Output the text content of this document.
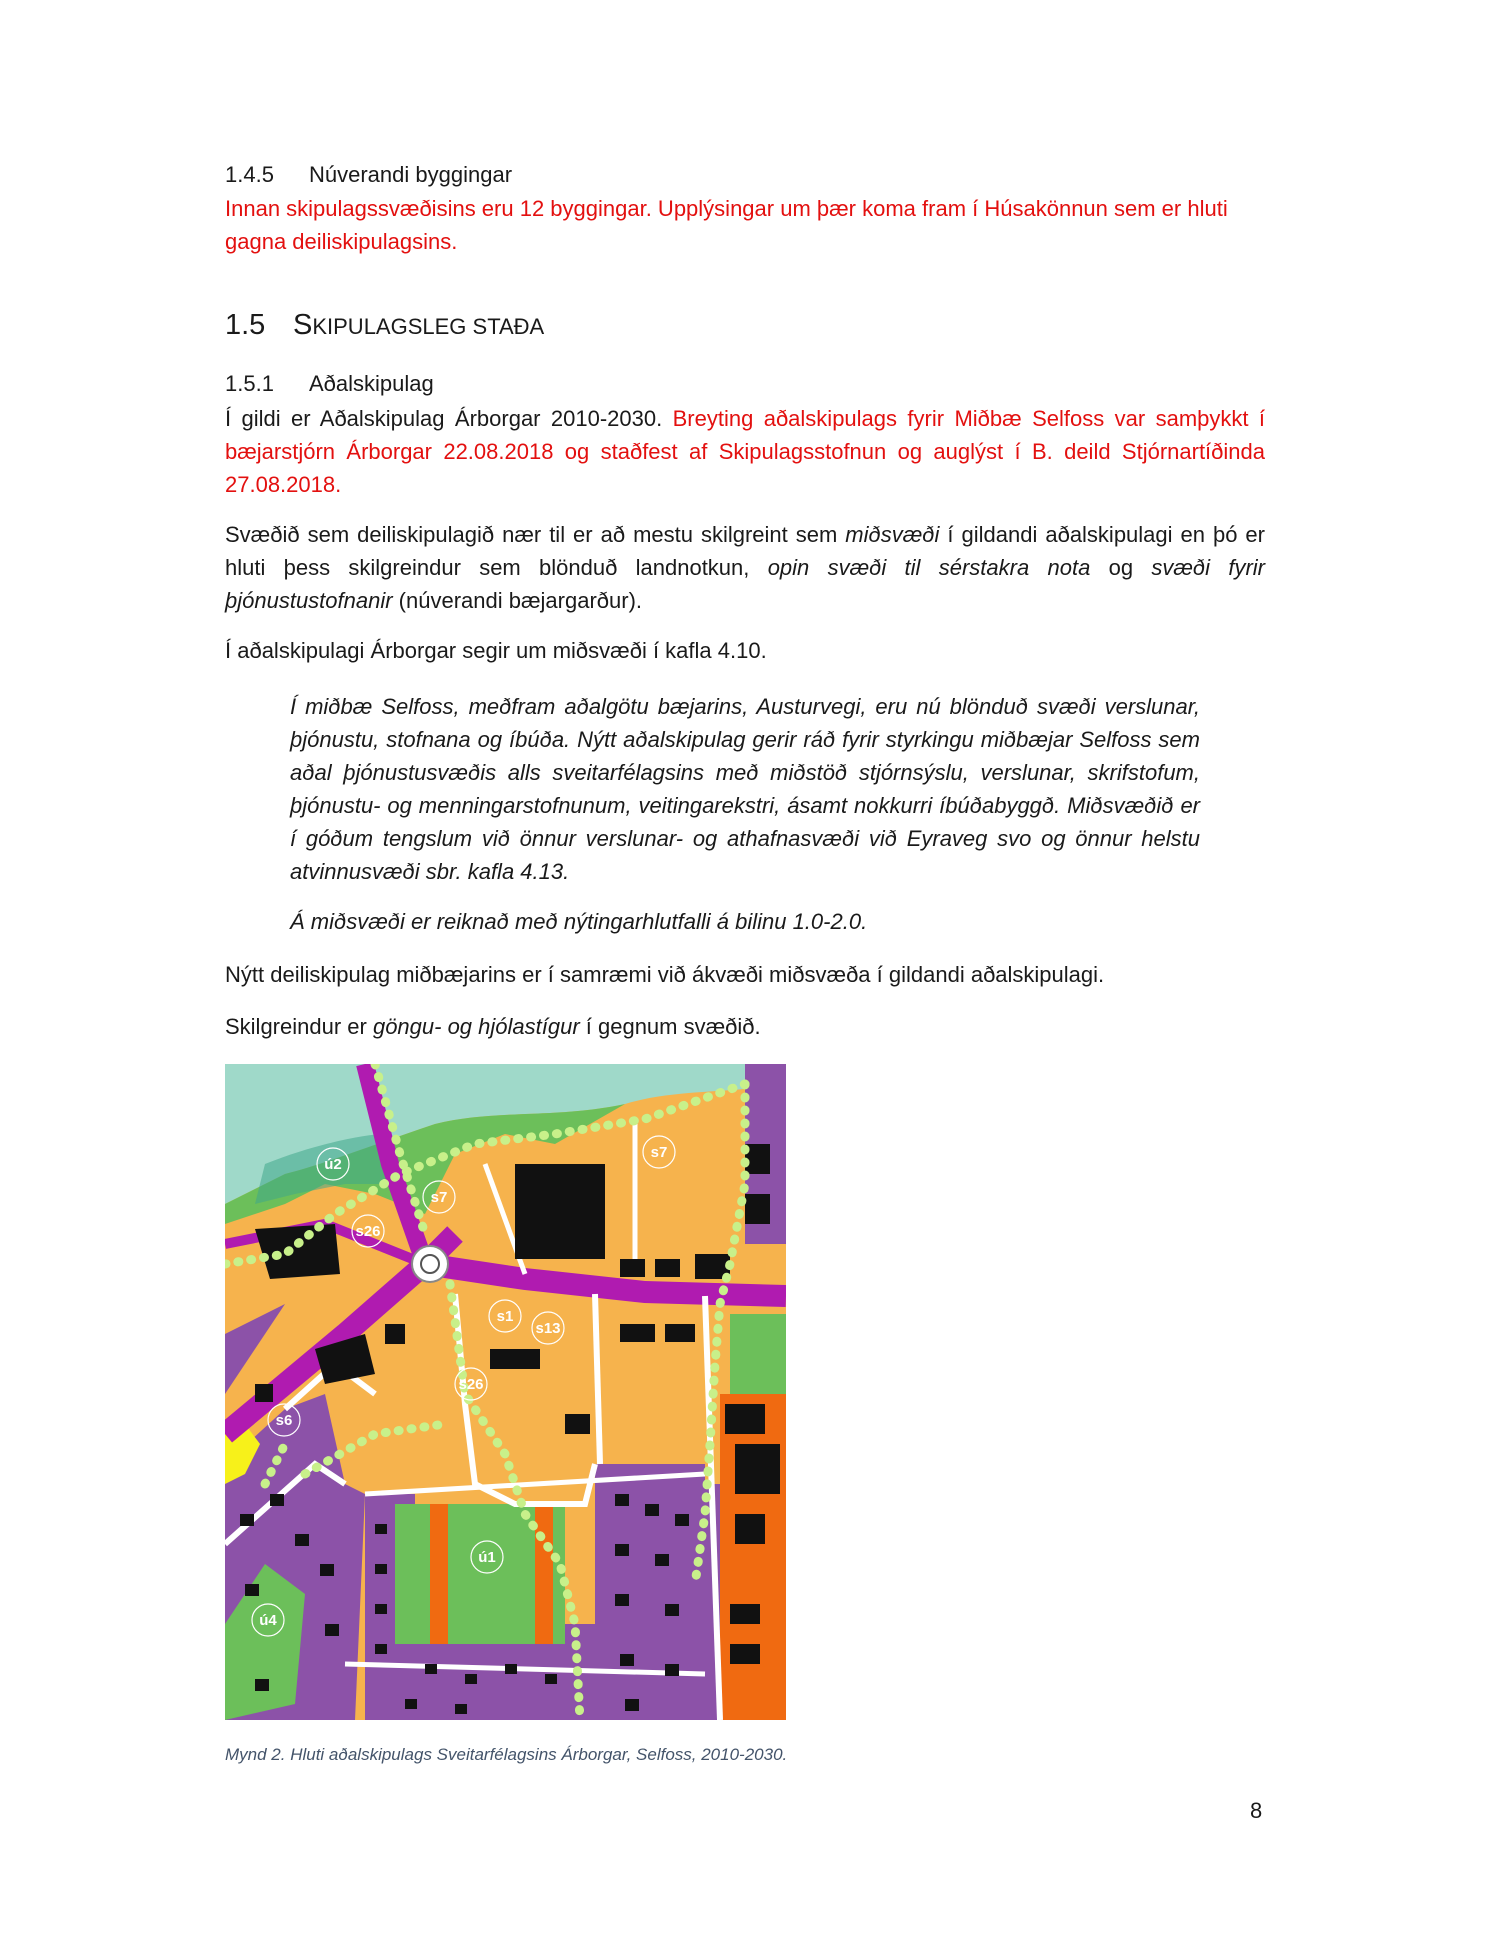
1.4.5 Núverandi byggingar

Innan skipulagssvæðisins eru 12 byggingar. Upplýsingar um þær koma fram í Húsakönnun sem er hluti gagna deiliskipulagsins.

1.5 SKIPULAGSLEG STAÐA
1.5.1 Aðalskipulag

Í gildi er Aðalskipulag Árborgar 2010-2030. Breyting aðalskipulags fyrir Miðbæ Selfoss var samþykkt í bæjarstjórn Árborgar 22.08.2018 og staðfest af Skipulagsstofnun og auglýst í B. deild Stjórnartíðinda 27.08.2018.

Svæðið sem deiliskipulagið nær til er að mestu skilgreint sem miðsvæði í gildandi aðalskipulagi en þó er hluti þess skilgreindur sem blönduð landnotkun, opin svæði til sérstakra nota og svæði fyrir þjónustustofnanir (núverandi bæjargarður).

Í aðalskipulagi Árborgar segir um miðsvæði í kafla 4.10.

Í miðbæ Selfoss, meðfram aðalgötu bæjarins, Austurvegi, eru nú blönduð svæði verslunar, þjónustu, stofnana og íbúða. Nýtt aðalskipulag gerir ráð fyrir styrkingu miðbæjar Selfoss sem aðal þjónustusvæðis alls sveitarfélagsins með miðstöð stjórnsýslu, verslunar, skrifstofum, þjónustu- og menningarstofnunum, veitingarekstri, ásamt nokkurri íbúðabyggð. Miðsvæðið er í góðum tengslum við önnur verslunar- og athafnasvæði við Eyraveg svo og önnur helstu atvinnusvæði sbr. kafla 4.13.

Á miðsvæði er reiknað með nýtingarhlutfalli á bilinu 1.0-2.0.

Nýtt deiliskipulag miðbæjarins er í samræmi við ákvæði miðsvæða í gildandi aðalskipulagi.

Skilgreindur er göngu- og hjólastígur í gegnum svæðið.

ú2
s7
s7
s26
s1
s13
s26
s6
ú1
ú4
Mynd 2. Hluti aðalskipulags Sveitarfélagsins Árborgar, Selfoss, 2010-2030.
8
